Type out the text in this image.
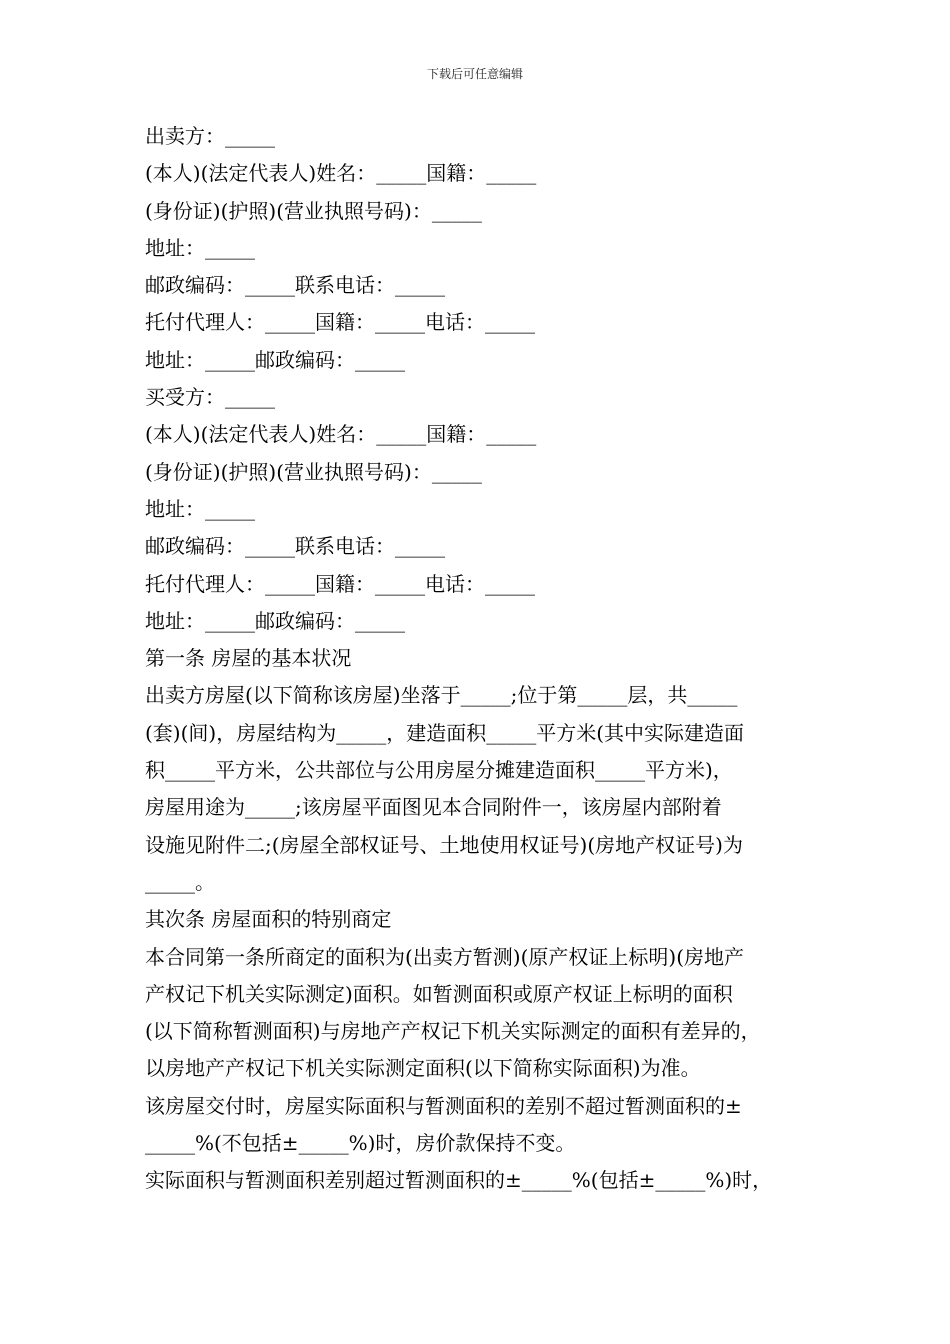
下载后可任意编辑
出卖方：_____
(本人)(法定代表人)姓名：_____国籍：_____
(身份证)(护照)(营业执照号码)：_____
地址：_____
邮政编码：_____联系电话：_____
托付代理人：_____国籍：_____电话：_____
地址：_____邮政编码：_____
买受方：_____
(本人)(法定代表人)姓名：_____国籍：_____
(身份证)(护照)(营业执照号码)：_____
地址：_____
邮政编码：_____联系电话：_____
托付代理人：_____国籍：_____电话：_____
地址：_____邮政编码：_____
第一条 房屋的基本状况
出卖方房屋(以下简称该房屋)坐落于_____;位于第_____层，共_____
(套)(间)，房屋结构为_____，建造面积_____平方米(其中实际建造面
积_____平方米，公共部位与公用房屋分摊建造面积_____平方米)，
房屋用途为_____;该房屋平面图见本合同附件一，该房屋内部附着
设施见附件二;(房屋全部权证号、土地使用权证号)(房地产权证号)为
_____。
其次条 房屋面积的特别商定
本合同第一条所商定的面积为(出卖方暂测)(原产权证上标明)(房地产
产权记下机关实际测定)面积。如暂测面积或原产权证上标明的面积
(以下简称暂测面积)与房地产产权记下机关实际测定的面积有差异的，
以房地产产权记下机关实际测定面积(以下简称实际面积)为准。
该房屋交付时，房屋实际面积与暂测面积的差别不超过暂测面积的±
_____%(不包括±_____%)时，房价款保持不变。
实际面积与暂测面积差别超过暂测面积的±_____%(包括±_____%)时，
